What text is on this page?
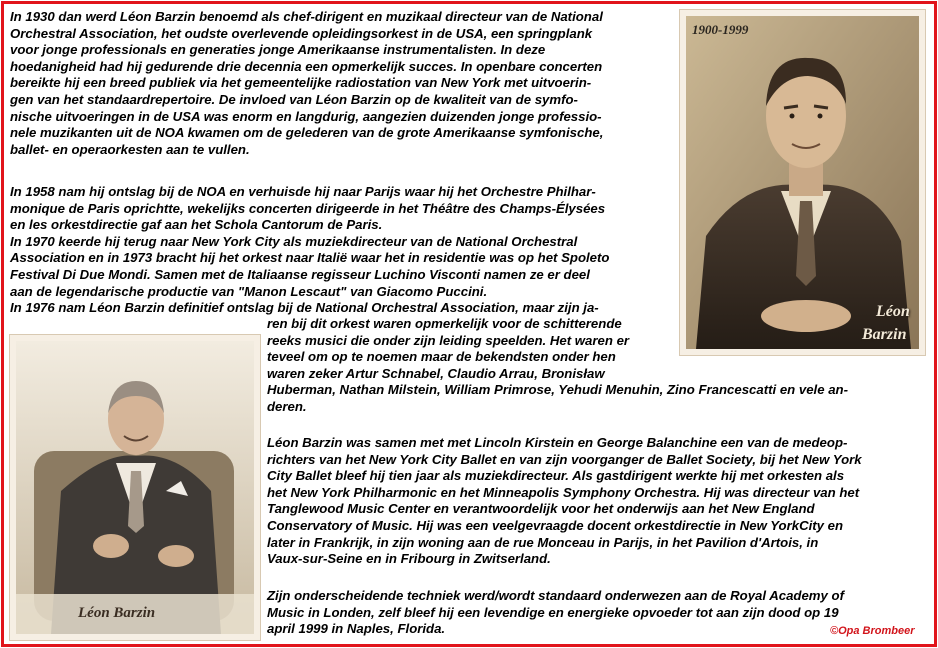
In 1930 dan werd Léon Barzin benoemd als chef-dirigent en muzikaal directeur van de National
Orchestral Association, het oudste overlevende opleidingsorkest in de USA, een springplank
voor jonge professionals en generaties jonge Amerikaanse instrumentalisten. In deze
hoedanigheid had hij gedurende drie decennia een opmerkelijk succes. In openbare concerten
bereikte hij een breed publiek via het gemeentelijke radiostation van New York met uitvoerin-
gen van het standaardrepertoire. De invloed van Léon Barzin op de kwaliteit van de symfo-
nische uitvoeringen in de USA was enorm en langdurig, aangezien duizenden jonge professio-
nele muzikanten uit de NOA kwamen om de gelederen van de grote Amerikaanse symfonische,
ballet- en operaorkesten aan te vullen.
In 1958 nam hij ontslag bij de NOA en verhuisde hij naar Parijs waar hij het Orchestre Philhar-
monique de Paris oprichtte, wekelijks concerten dirigeerde in het Théâtre des Champs-Élysées
en les orkestdirectie gaf aan het Schola Cantorum de Paris.
In 1970 keerde hij terug naar New York City als muziekdirecteur van de National Orchestral
Association en in 1973 bracht hij het orkest naar Italië waar het in residentie was op het Spoleto
Festival Di Due Mondi. Samen met de Italiaanse regisseur Luchino Visconti namen ze er deel
aan de legendarische productie van "Manon Lescaut" van Giacomo Puccini.
In 1976 nam Léon Barzin definitief ontslag bij de National Orchestral Association, maar zijn ja-
ren bij dit orkest waren opmerkelijk voor de schitterende
reeks musici die onder zijn leiding speelden. Het waren er
teveel om op te noemen maar de bekendsten onder hen
waren zeker Artur Schnabel, Claudio Arrau, Bronisław
Huberman, Nathan Milstein, William Primrose, Yehudi Menuhin, Zino Francescatti en vele an-
deren.
Léon Barzin was samen met met Lincoln Kirstein en George Balanchine een van de medeop-
richters van het New York City Ballet en van zijn voorganger de Ballet Society, bij het New York
City Ballet bleef hij tien jaar als muziekdirecteur. Als gastdirigent werkte hij met orkesten als
het New York Philharmonic en het Minneapolis Symphony Orchestra. Hij was directeur van het
Tanglewood Music Center en verantwoordelijk voor het onderwijs aan het New England
Conservatory of Music. Hij was een veelgevraagde docent orkestdirectie in New YorkCity en
later in Frankrijk, in zijn woning aan de rue Monceau in Parijs, in het Pavilion d'Artois, in
Vaux-sur-Seine en in Fribourg in Zwitserland.
Zijn onderscheidende techniek werd/wordt standaard onderwezen aan de Royal Academy of
Music in Londen, zelf bleef hij een levendige en energieke opvoeder tot aan zijn dood op 19
april 1999 in Naples, Florida.
1900-1999
Léon
Barzin
Léon Barzin
©Opa Brombeer
